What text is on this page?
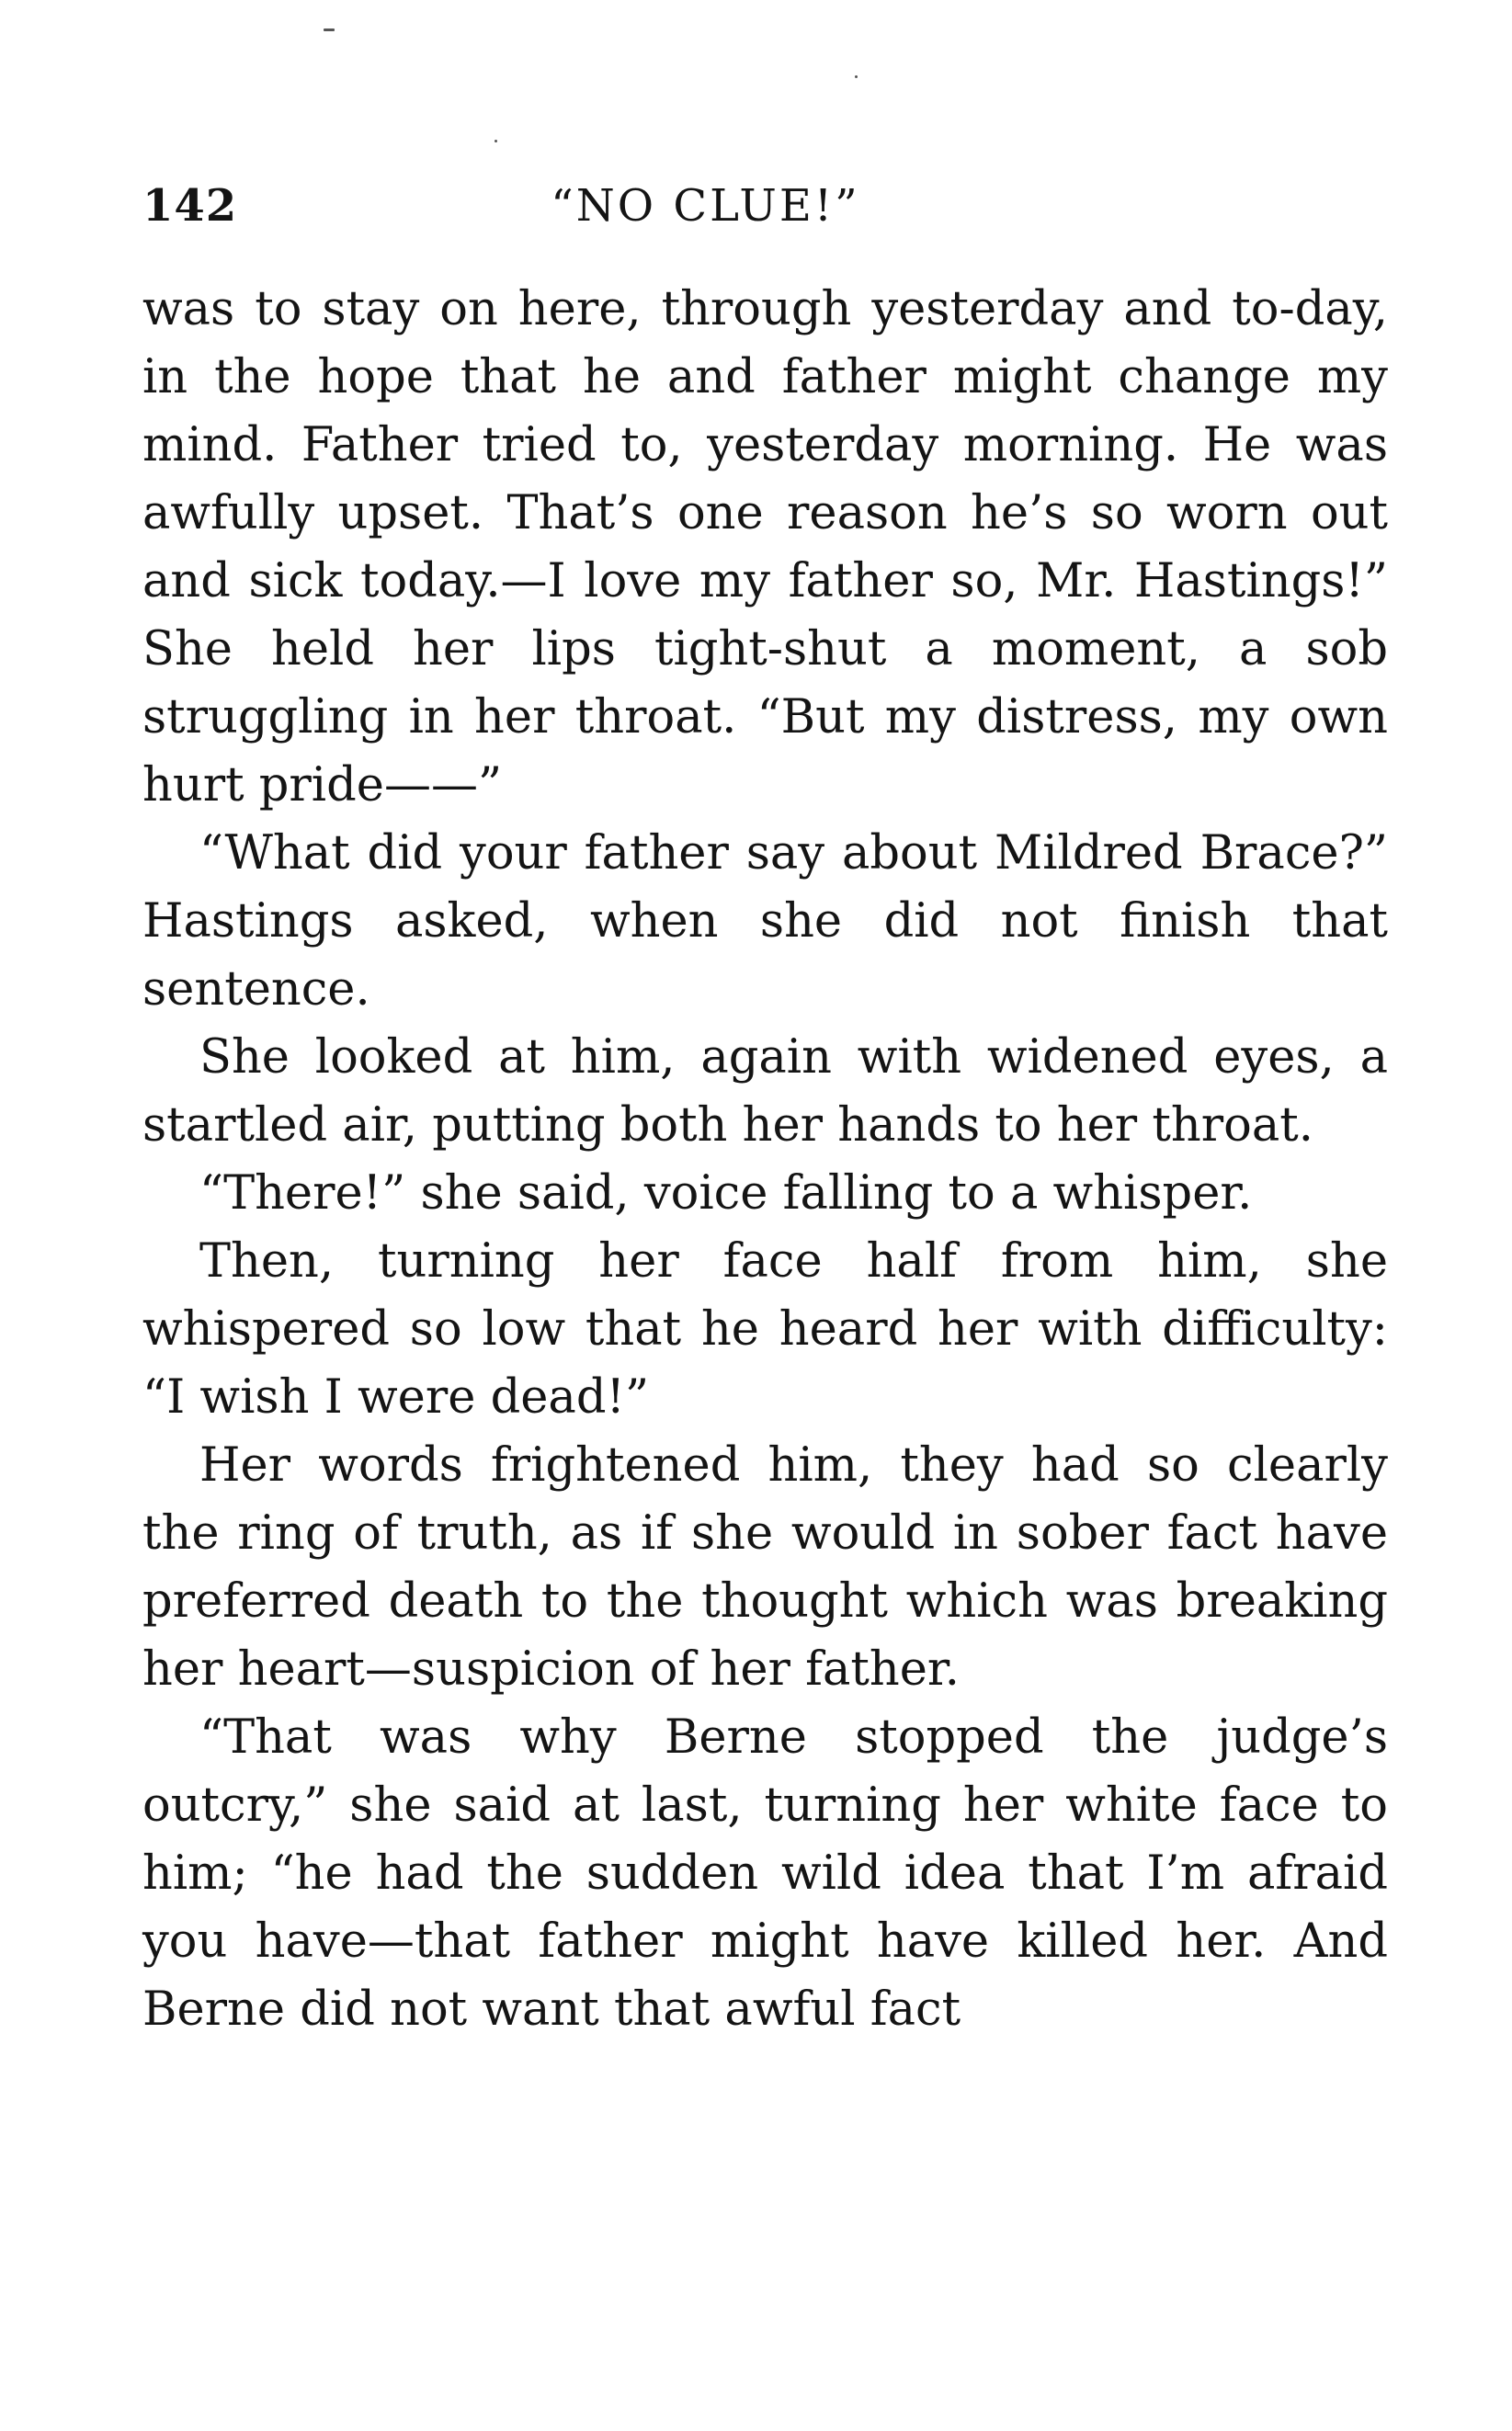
142	“NO CLUE!”

was to stay on here, through yesterday and to-day, in the hope that he and father might change my mind. Father tried to, yesterday morning. He was awfully upset. That’s one reason he’s so worn out and sick today.—I love my father so, Mr. Hastings!” She held her lips tight-shut a moment, a sob struggling in her throat. “But my distress, my own hurt pride——”

“What did your father say about Mildred Brace?” Hastings asked, when she did not finish that sentence.

She looked at him, again with widened eyes, a startled air, putting both her hands to her throat.

“There!” she said, voice falling to a whisper.

Then, turning her face half from him, she whispered so low that he heard her with difficulty: “I wish I were dead!”

Her words frightened him, they had so clearly the ring of truth, as if she would in sober fact have preferred death to the thought which was breaking her heart—suspicion of her father.

“That was why Berne stopped the judge’s outcry,” she said at last, turning her white face to him; “he had the sudden wild idea that I’m afraid you have—that father might have killed her. And Berne did not want that awful fact
